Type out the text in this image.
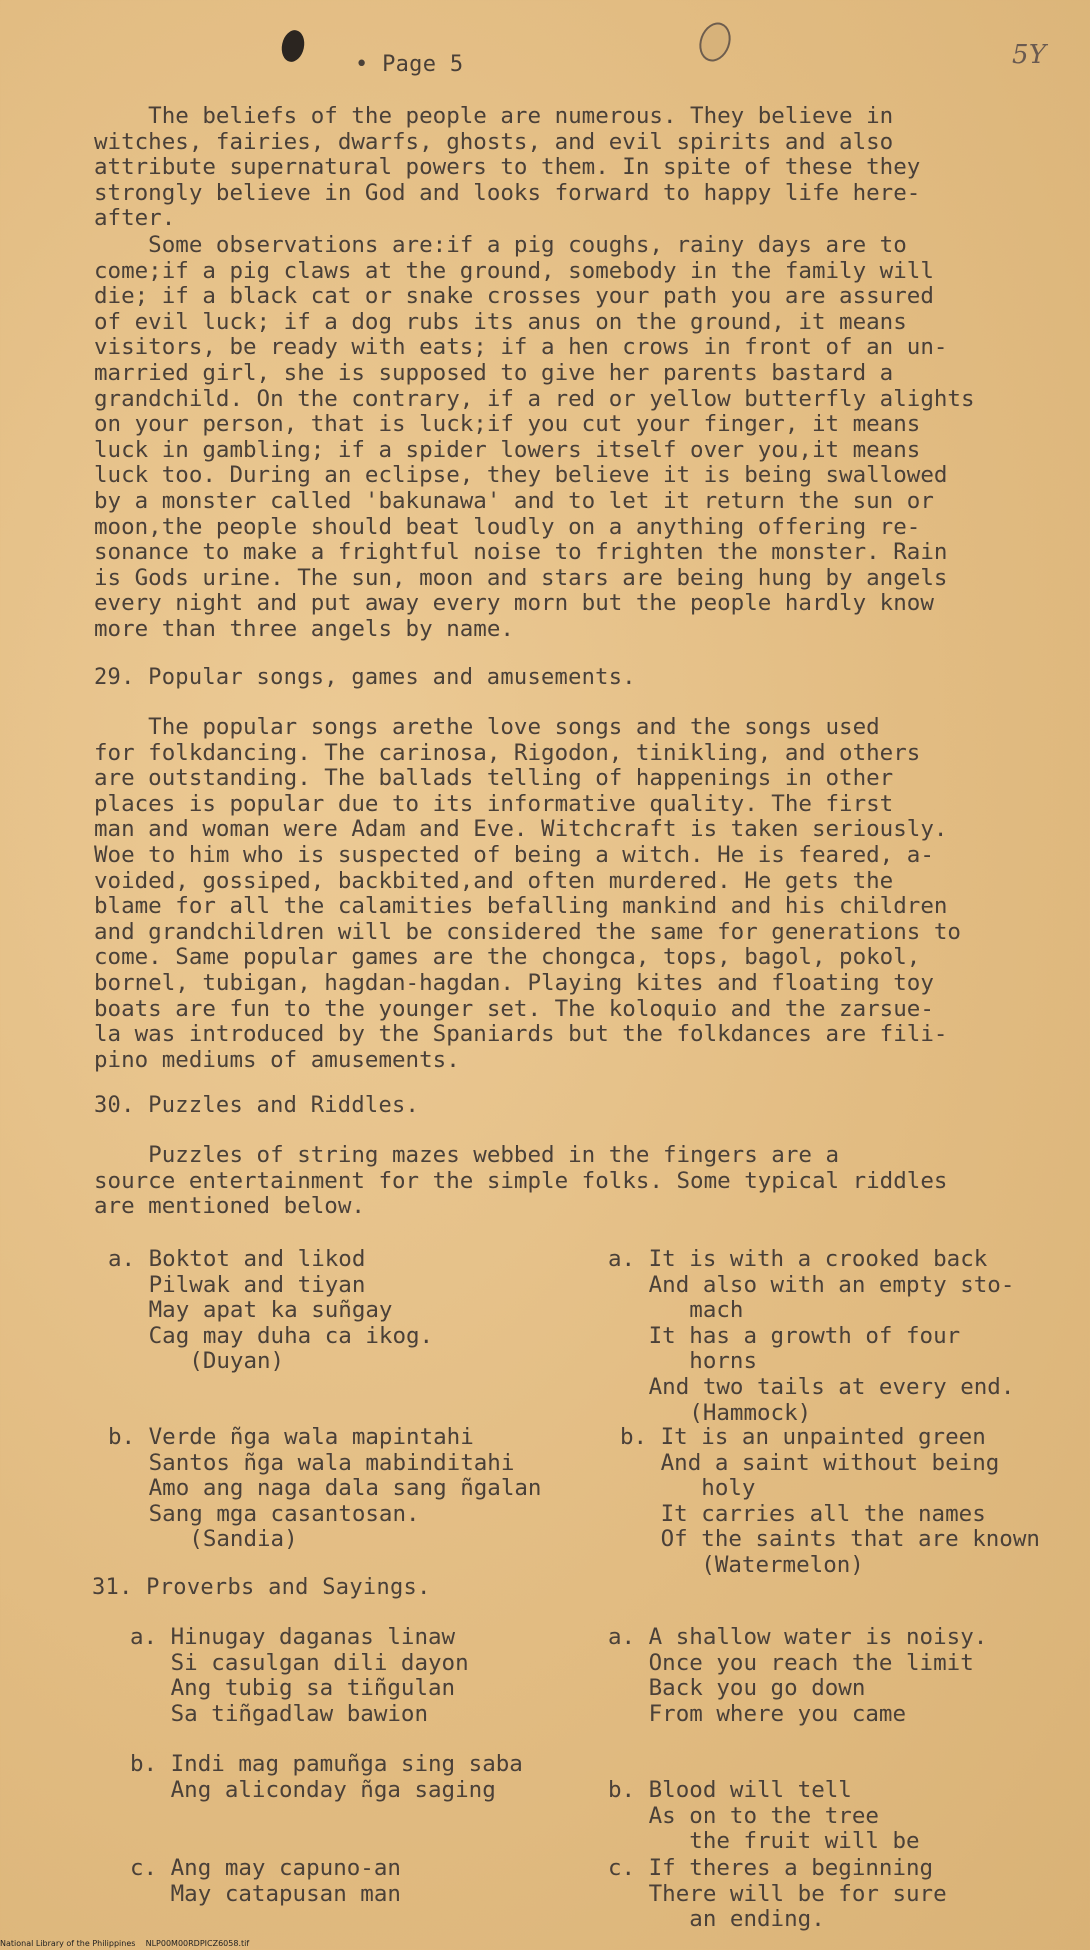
• Page 5	5Y
The beliefs of the people are numerous. They believe in
witches, fairies, dwarfs, ghosts, and evil spirits and also
attribute supernatural powers to them. In spite of these they
strongly believe in God and looks forward to happy life here-
after.
Some observations are:if a pig coughs, rainy days are to
come;if a pig claws at the ground, somebody in the family will
die; if a black cat or snake crosses your path you are assured
of evil luck; if a dog rubs its anus on the ground, it means
visitors, be ready with eats; if a hen crows in front of an un-
married girl, she is supposed to give her parents bastard a
grandchild. On the contrary, if a red or yellow butterfly alights
on your person, that is luck;if you cut your finger, it means
luck in gambling; if a spider lowers itself over you,it means
luck too. During an eclipse, they believe it is being swallowed
by a monster called 'bakunawa' and to let it return the sun or
moon,the people should beat loudly on a anything offering re-
sonance to make a frightful noise to frighten the monster. Rain
is Gods urine. The sun, moon and stars are being hung by angels
every night and put away every morn but the people hardly know
more than three angels by name.
29. Popular songs, games and amusements.
The popular songs arethe love songs and the songs used
for folkdancing. The carinosa, Rigodon, tinikling, and others
are outstanding. The ballads telling of happenings in other
places is popular due to its informative quality. The first
man and woman were Adam and Eve. Witchcraft is taken seriously.
Woe to him who is suspected of being a witch. He is feared, a-
voided, gossiped, backbited,and often murdered. He gets the
blame for all the calamities befalling mankind and his children
and grandchildren will be considered the same for generations to
come. Same popular games are the chongca, tops, bagol, pokol,
bornel, tubigan, hagdan-hagdan. Playing kites and floating toy
boats are fun to the younger set. The koloquio and the zarsue-
la was introduced by the Spaniards but the folkdances are fili-
pino mediums of amusements.
30. Puzzles and Riddles.
Puzzles of string mazes webbed in the fingers are a
source entertainment for the simple folks. Some typical riddles
are mentioned below.
a. Boktot and likod
Pilwak and tiyan
May apat ka suñgay
Cag may duha ca ikog.
(Duyan)
a. It is with a crooked back
And also with an empty sto-
mach
It has a growth of four
horns
And two tails at every end.
(Hammock)
b. Verde ñga wala mapintahi
Santos ñga wala mabinditahi
Amo ang naga dala sang ñgalan
Sang mga casantosan.
(Sandia)
b. It is an unpainted green
And a saint without being
holy
It carries all the names
Of the saints that are known
(Watermelon)
31. Proverbs and Sayings.
a. Hinugay daganas linaw
Si casulgan dili dayon
Ang tubig sa tiñgulan
Sa tiñgadlaw bawion
a. A shallow water is noisy.
Once you reach the limit
Back you go down
From where you came
b. Indi mag pamuñga sing saba
Ang aliconday ñga saging	b. Blood will tell
As on to the tree
the fruit will be
c. Ang may capuno-an
May catapusan man
c. If theres a beginning
There will be for sure
an ending.
National Library of the Philippines    NLP00M00RDPICZ6058.tif
